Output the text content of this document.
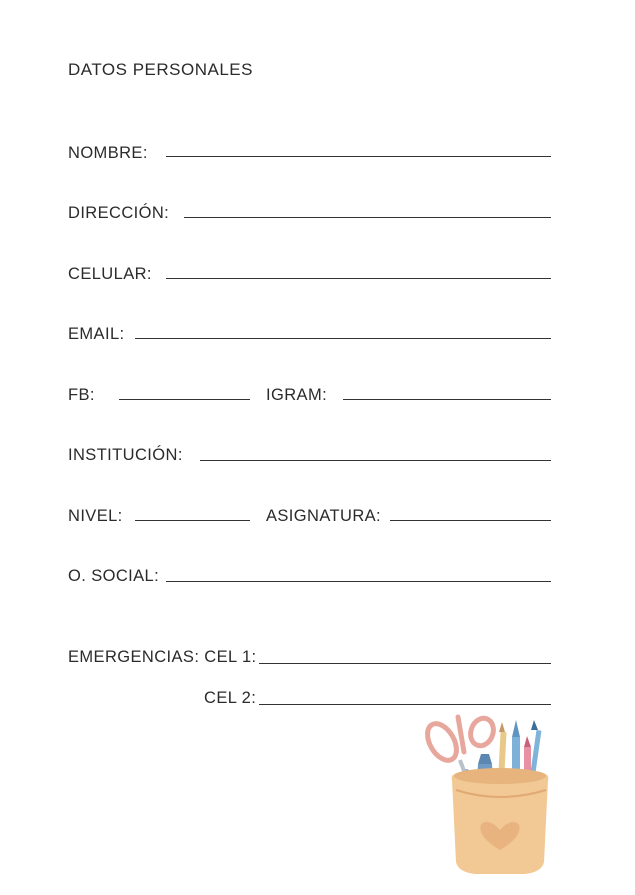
DATOS PERSONALES
NOMBRE:
DIRECCIÓN:
CELULAR:
EMAIL:
FB:	IGRAM:
INSTITUCIÓN:
NIVEL:	ASIGNATURA:
O. SOCIAL:
EMERGENCIAS: CEL 1:
CEL 2:
